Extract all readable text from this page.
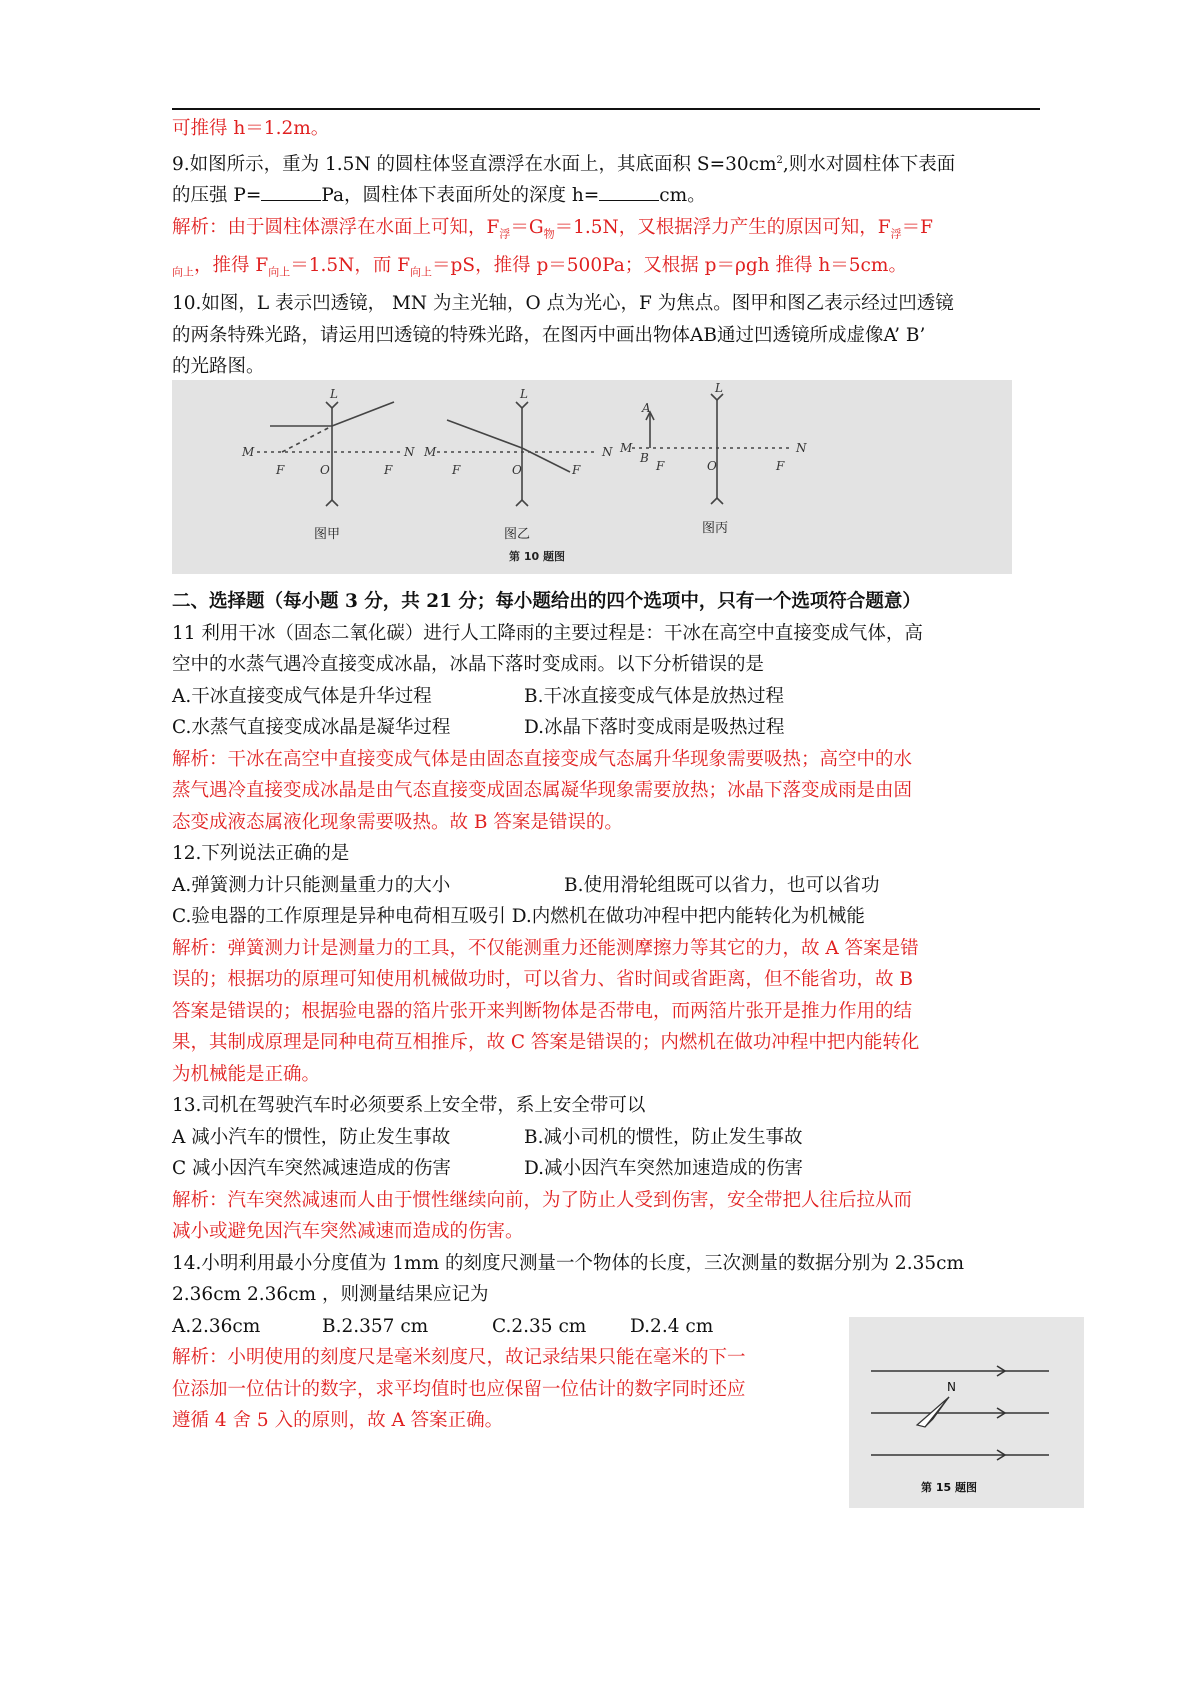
可推得 h＝1.2m。
9.如图所示，重为 1.5N 的圆柱体竖直漂浮在水面上，其底面积 $S=30cm^2$,则水对圆柱体下表面
的压强 P=	Pa，圆柱体下表面所处的深度 h=	cm。
解析：由于圆柱体漂浮在水面上可知，$F_浮=G_物=1.5N$，又根据浮力产生的原因可知，$F_浮=F$
$_{向上}$，推得 $F_{向上}=1.5N$，而 $F_{向上}=pS$，推得 p＝500Pa；又根据 p＝ρgh 推得 h＝5cm。
10.如图，L 表示凹透镜， MN 为主光轴，O 点为光心，F 为焦点。图甲和图乙表示经过凹透镜
的两条特殊光路，请运用凹透镜的特殊光路，在图丙中画出物体AB通过凹透镜所成虚像A’ B’
的光路图。
L
M	N
O
F	F
L
M	N
O
F	F
L
M	N
O
A
B
F	F
图甲	图乙	图丙
第 10 题图
二、选择题（每小题 3 分，共 21 分；每小题给出的四个选项中，只有一个选项符合题意）
11 利用干冰（固态二氧化碳）进行人工降雨的主要过程是：干冰在高空中直接变成气体，高
空中的水蒸气遇冷直接变成冰晶，冰晶下落时变成雨。以下分析错误的是
A.干冰直接变成气体是升华过程	B.干冰直接变成气体是放热过程
C.水蒸气直接变成冰晶是凝华过程	D.冰晶下落时变成雨是吸热过程
解析：干冰在高空中直接变成气体是由固态直接变成气态属升华现象需要吸热；高空中的水
蒸气遇冷直接变成冰晶是由气态直接变成固态属凝华现象需要放热；冰晶下落变成雨是由固
态变成液态属液化现象需要吸热。故 B 答案是错误的。
12.下列说法正确的是
A.弹簧测力计只能测量重力的大小	B.使用滑轮组既可以省力，也可以省功
C.验电器的工作原理是异种电荷相互吸引 D.内燃机在做功冲程中把内能转化为机械能
解析：弹簧测力计是测量力的工具，不仅能测重力还能测摩擦力等其它的力，故 A 答案是错
误的；根据功的原理可知使用机械做功时，可以省力、省时间或省距离，但不能省功，故 B
答案是错误的；根据验电器的箔片张开来判断物体是否带电，而两箔片张开是推力作用的结
果，其制成原理是同种电荷互相推斥，故 C 答案是错误的；内燃机在做功冲程中把内能转化
为机械能是正确。
13.司机在驾驶汽车时必须要系上安全带，系上安全带可以
A 减小汽车的惯性，防止发生事故	B.减小司机的惯性，防止发生事故
C 减小因汽车突然减速造成的伤害	D.减小因汽车突然加速造成的伤害
解析：汽车突然减速而人由于惯性继续向前，为了防止人受到伤害，安全带把人往后拉从而
减小或避免因汽车突然减速而造成的伤害。
14.小明利用最小分度值为 1mm 的刻度尺测量一个物体的长度，三次测量的数据分别为 2.35cm
2.36cm 2.36cm ，则测量结果应记为
A.2.36cm	B.2.357 cm	C.2.35 cm	D.2.4 cm
解析：小明使用的刻度尺是毫米刻度尺，故记录结果只能在毫米的下一
位添加一位估计的数字，求平均值时也应保留一位估计的数字同时还应
遵循 4 舍 5 入的原则，故 A 答案正确。
N
第 15 题图
